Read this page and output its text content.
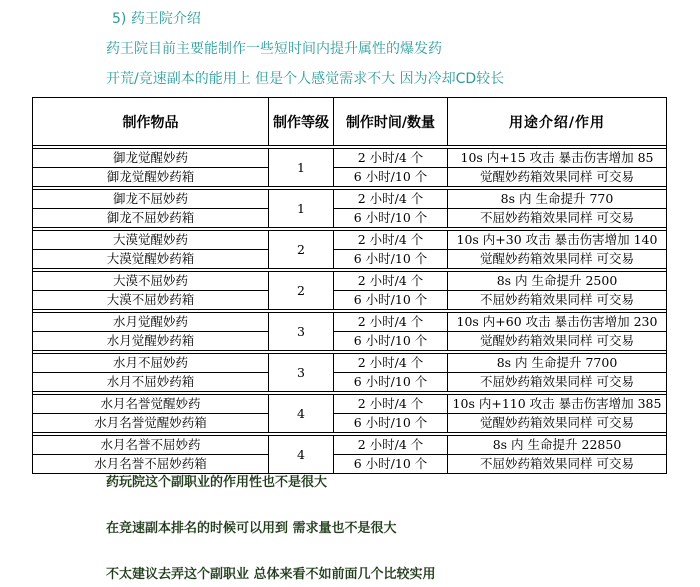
5) 药王院介绍
药王院目前主要能制作一些短时间内提升属性的爆发药
开荒/竞速副本的能用上 但是个人感觉需求不大 因为冷却CD较长
制作物品	制作等级	制作时间/数量	用途介绍/作用

御龙觉醒妙药	1	2 小时/4 个	10s 内+15 攻击 暴击伤害增加 85
御龙觉醒妙药箱		6 小时/10 个	觉醒妙药箱效果同样 可交易

御龙不屈妙药	1	2 小时/4 个	8s 内 生命提升 770
御龙不屈妙药箱		6 小时/10 个	不屈妙药箱效果同样 可交易

大漠觉醒妙药	2	2 小时/4 个	10s 内+30 攻击 暴击伤害增加 140
大漠觉醒妙药箱		6 小时/10 个	觉醒妙药箱效果同样 可交易

大漠不屈妙药	2	2 小时/4 个	8s 内 生命提升 2500
大漠不屈妙药箱		6 小时/10 个	不屈妙药箱效果同样 可交易

水月觉醒妙药	3	2 小时/4 个	10s 内+60 攻击 暴击伤害增加 230
水月觉醒妙药箱		6 小时/10 个	觉醒妙药箱效果同样 可交易

水月不屈妙药	3	2 小时/4 个	8s 内 生命提升 7700
水月不屈妙药箱		6 小时/10 个	不屈妙药箱效果同样 可交易

水月名誉觉醒妙药	4	2 小时/4 个	10s 内+110 攻击 暴击伤害增加 385
水月名誉觉醒妙药箱		6 小时/10 个	觉醒妙药箱效果同样 可交易

水月名誉不屈妙药	4	2 小时/4 个	8s 内 生命提升 22850
水月名誉不屈妙药箱		6 小时/10 个	不屈妙药箱效果同样 可交易
药玩院这个副职业的作用性也不是很大
在竞速副本排名的时候可以用到 需求量也不是很大
不太建议去弄这个副职业 总体来看不如前面几个比较实用
